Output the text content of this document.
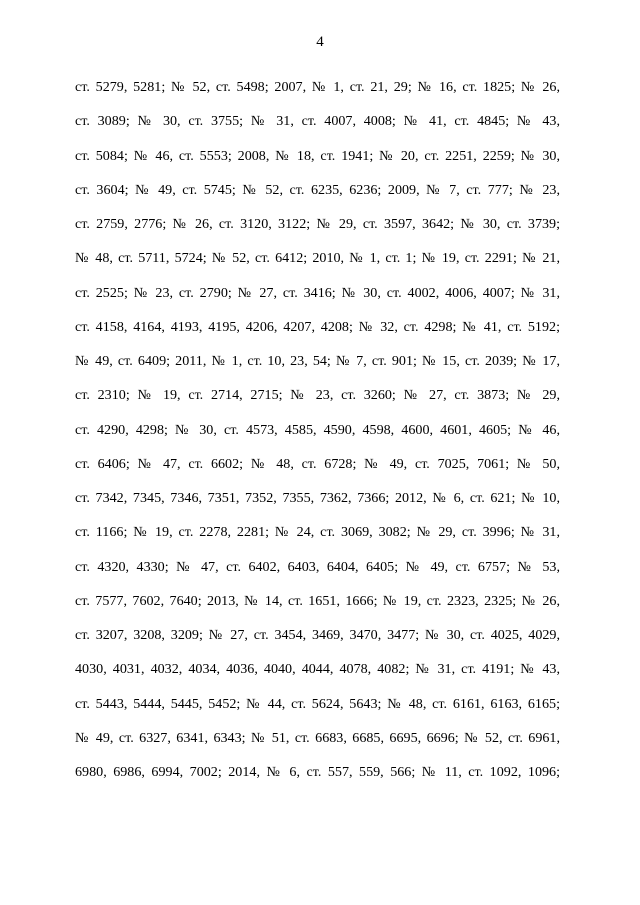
4
ст. 5279, 5281; № 52, ст. 5498; 2007, № 1, ст. 21, 29; № 16, ст. 1825; № 26,
ст. 3089; № 30, ст. 3755; № 31, ст. 4007, 4008; № 41, ст. 4845; № 43,
ст. 5084; № 46, ст. 5553; 2008, № 18, ст. 1941; № 20, ст. 2251, 2259; № 30,
ст. 3604; № 49, ст. 5745; № 52, ст. 6235, 6236; 2009, № 7, ст. 777; № 23,
ст. 2759, 2776; № 26, ст. 3120, 3122; № 29, ст. 3597, 3642; № 30, ст. 3739;
№ 48, ст. 5711, 5724; № 52, ст. 6412; 2010, № 1, ст. 1; № 19, ст. 2291; № 21,
ст. 2525; № 23, ст. 2790; № 27, ст. 3416; № 30, ст. 4002, 4006, 4007; № 31,
ст. 4158, 4164, 4193, 4195, 4206, 4207, 4208; № 32, ст. 4298; № 41, ст. 5192;
№ 49, ст. 6409; 2011, № 1, ст. 10, 23, 54; № 7, ст. 901; № 15, ст. 2039; № 17,
ст. 2310; № 19, ст. 2714, 2715; № 23, ст. 3260; № 27, ст. 3873; № 29,
ст. 4290, 4298; № 30, ст. 4573, 4585, 4590, 4598, 4600, 4601, 4605; № 46,
ст. 6406; № 47, ст. 6602; № 48, ст. 6728; № 49, ст. 7025, 7061; № 50,
ст. 7342, 7345, 7346, 7351, 7352, 7355, 7362, 7366; 2012, № 6, ст. 621; № 10,
ст. 1166; № 19, ст. 2278, 2281; № 24, ст. 3069, 3082; № 29, ст. 3996; № 31,
ст. 4320, 4330; № 47, ст. 6402, 6403, 6404, 6405; № 49, ст. 6757; № 53,
ст. 7577, 7602, 7640; 2013, № 14, ст. 1651, 1666; № 19, ст. 2323, 2325; № 26,
ст. 3207, 3208, 3209; № 27, ст. 3454, 3469, 3470, 3477; № 30, ст. 4025, 4029,
4030, 4031, 4032, 4034, 4036, 4040, 4044, 4078, 4082; № 31, ст. 4191; № 43,
ст. 5443, 5444, 5445, 5452; № 44, ст. 5624, 5643; № 48, ст. 6161, 6163, 6165;
№ 49, ст. 6327, 6341, 6343; № 51, ст. 6683, 6685, 6695, 6696; № 52, ст. 6961,
6980, 6986, 6994, 7002; 2014, № 6, ст. 557, 559, 566; № 11, ст. 1092, 1096;
